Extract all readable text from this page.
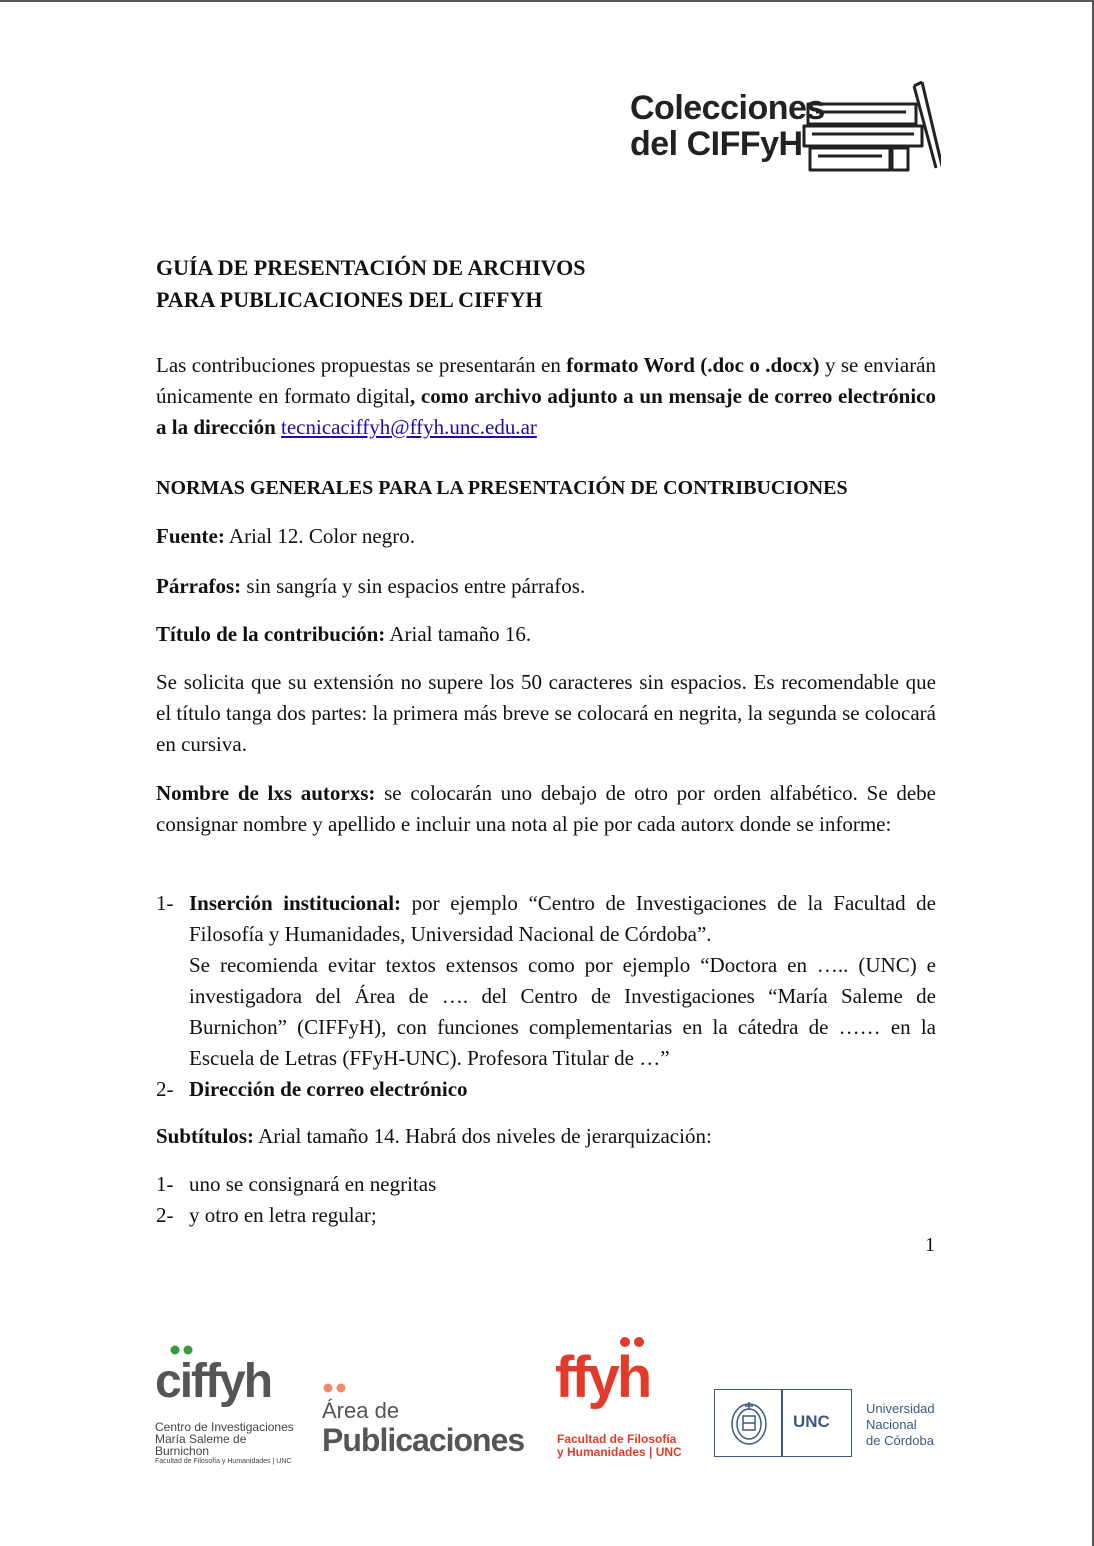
Colecciones
del CIFFyH
GUÍA DE PRESENTACIÓN DE ARCHIVOS
PARA PUBLICACIONES DEL CIFFYH
Las contribuciones propuestas se presentarán en formato Word (.doc o .docx) y se enviarán únicamente en formato digital, como archivo adjunto a un mensaje de correo electrónico a la dirección tecnicaciffyh@ffyh.unc.edu.ar
NORMAS GENERALES PARA LA PRESENTACIÓN DE CONTRIBUCIONES
Fuente: Arial 12. Color negro.
Párrafos: sin sangría y sin espacios entre párrafos.
Título de la contribución: Arial tamaño 16.
Se solicita que su extensión no supere los 50 caracteres sin espacios. Es recomendable que el título tanga dos partes: la primera más breve se colocará en negrita, la segunda se colocará en cursiva.
Nombre de lxs autorxs: se colocarán uno debajo de otro por orden alfabético. Se debe consignar nombre y apellido e incluir una nota al pie por cada autorx donde se informe:
1- Inserción institucional: por ejemplo “Centro de Investigaciones de la Facultad de Filosofía y Humanidades, Universidad Nacional de Córdoba”.
Se recomienda evitar textos extensos como por ejemplo “Doctora en ….. (UNC) e investigadora del Área de …. del Centro de Investigaciones “María Saleme de Burnichon” (CIFFyH), con funciones complementarias en la cátedra de …… en la Escuela de Letras (FFyH-UNC). Profesora Titular de …”
2- Dirección de correo electrónico
Subtítulos: Arial tamaño 14. Habrá dos niveles de jerarquización:
1- uno se consignará en negritas
2- y otro en letra regular;
1
ciffyh
Centro de Investigaciones
María Saleme de Burnichon
Facultad de Filosofía y Humanidades | UNC
Área de
Publicaciones
ffyh
Facultad de Filosofía
y Humanidades | UNC
UNC
Universidad
Nacional
de Córdoba
